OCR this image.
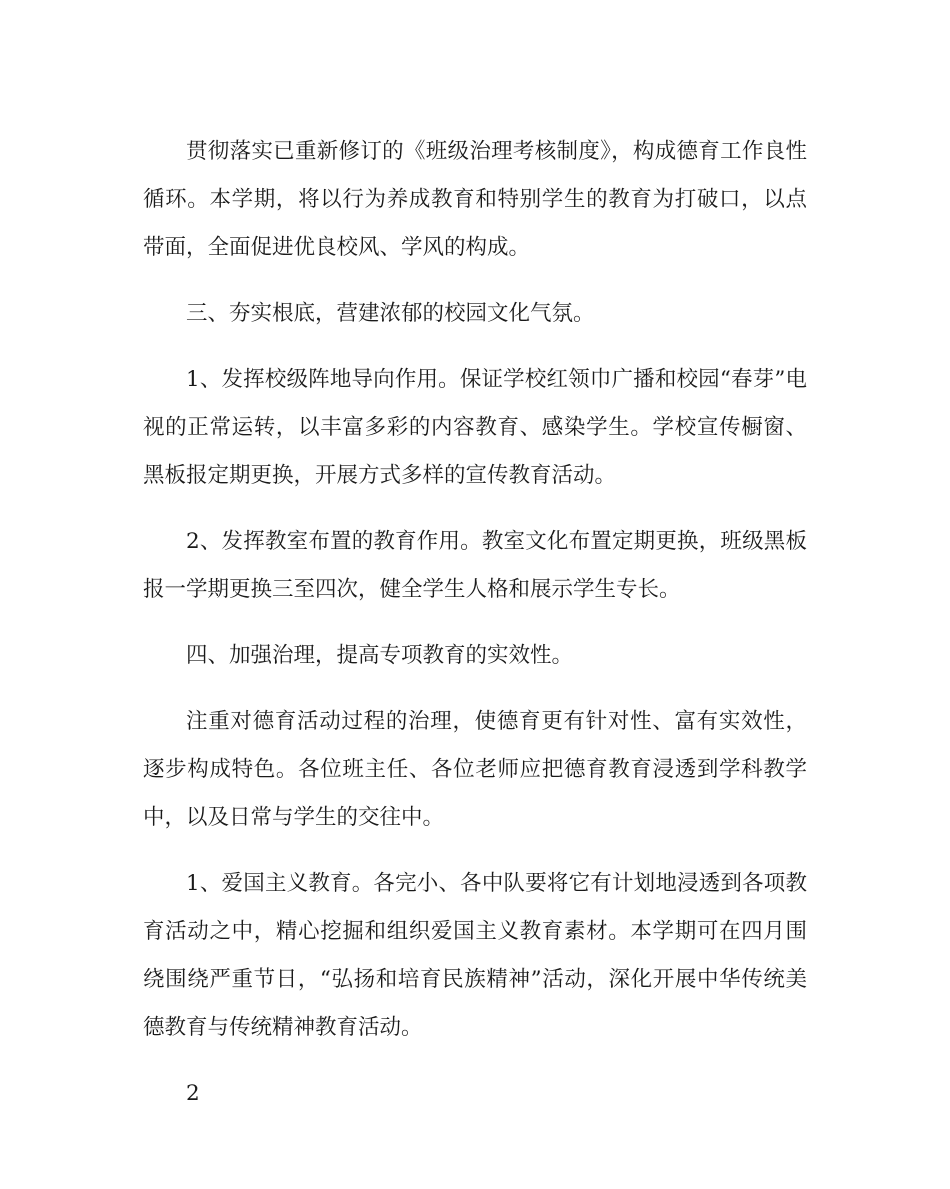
贯彻落实已重新修订的《班级治理考核制度》，构成德育工作良性循环。本学期，将以行为养成教育和特别学生的教育为打破口，以点带面，全面促进优良校风、学风的构成。

三、夯实根底，营建浓郁的校园文化气氛。

1、发挥校级阵地导向作用。保证学校红领巾广播和校园“春芽”电视的正常运转，以丰富多彩的内容教育、感染学生。学校宣传橱窗、黑板报定期更换，开展方式多样的宣传教育活动。

2、发挥教室布置的教育作用。教室文化布置定期更换，班级黑板报一学期更换三至四次，健全学生人格和展示学生专长。

四、加强治理，提高专项教育的实效性。

注重对德育活动过程的治理，使德育更有针对性、富有实效性，逐步构成特色。各位班主任、各位老师应把德育教育浸透到学科教学中，以及日常与学生的交往中。

1、爱国主义教育。各完小、各中队要将它有计划地浸透到各项教育活动之中，精心挖掘和组织爱国主义教育素材。本学期可在四月围绕围绕严重节日，“弘扬和培育民族精神”活动，深化开展中华传统美德教育与传统精神教育活动。

2
